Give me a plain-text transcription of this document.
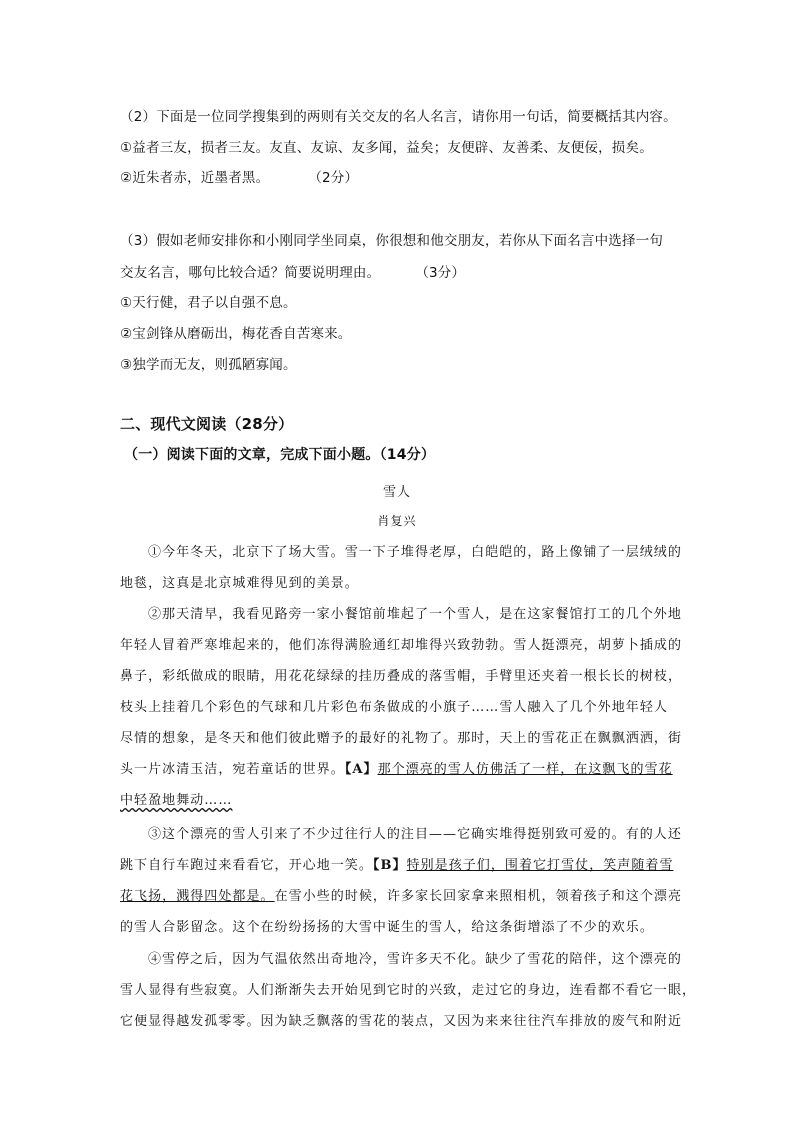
（2）下面是一位同学搜集到的两则有关交友的名人名言，请你用一句话，简要概括其内容。
①益者三友，损者三友。友直、友谅、友多闻，益矣；友便辟、友善柔、友便佞，损矣。
②近朱者赤，近墨者黑。	（2分）
（3）假如老师安排你和小刚同学坐同桌，你很想和他交朋友，若你从下面名言中选择一句
交友名言，哪句比较合适？简要说明理由。	（3分）
①天行健，君子以自强不息。
②宝剑锋从磨砺出，梅花香自苦寒来。
③独学而无友，则孤陋寡闻。
二、现代文阅读（28分）
（一）阅读下面的文章，完成下面小题。（14分）
雪人
肖复兴
①今年冬天，北京下了场大雪。雪一下子堆得老厚，白皑皑的，路上像铺了一层绒绒的
地毯，这真是北京城难得见到的美景。
②那天清早，我看见路旁一家小餐馆前堆起了一个雪人，是在这家餐馆打工的几个外地
年轻人冒着严寒堆起来的，他们冻得满脸通红却堆得兴致勃勃。雪人挺漂亮，胡萝卜插成的
鼻子，彩纸做成的眼睛，用花花绿绿的挂历叠成的落雪帽，手臂里还夹着一根长长的树枝，
枝头上挂着几个彩色的气球和几片彩色布条做成的小旗子……雪人融入了几个外地年轻人
尽情的想象，是冬天和他们彼此赠予的最好的礼物了。那时，天上的雪花正在飘飘洒洒，街
头一片冰清玉洁，宛若童话的世界。【A】那个漂亮的雪人仿佛活了一样，在这飘飞的雪花
中轻盈地舞动……
③这个漂亮的雪人引来了不少过往行人的注目——它确实堆得挺别致可爱的。有的人还
跳下自行车跑过来看看它，开心地一笑。【B】特别是孩子们，围着它打雪仗，笑声随着雪
花飞扬，溅得四处都是。在雪小些的时候，许多家长回家拿来照相机，领着孩子和这个漂亮
的雪人合影留念。这个在纷纷扬扬的大雪中诞生的雪人，给这条街增添了不少的欢乐。
④雪停之后，因为气温依然出奇地冷，雪许多天不化。缺少了雪花的陪伴，这个漂亮的
雪人显得有些寂寞。人们渐渐失去开始见到它时的兴致，走过它的身边，连看都不看它一眼，
它便显得越发孤零零。因为缺乏飘落的雪花的装点，又因为来来往往汽车排放的废气和附近
